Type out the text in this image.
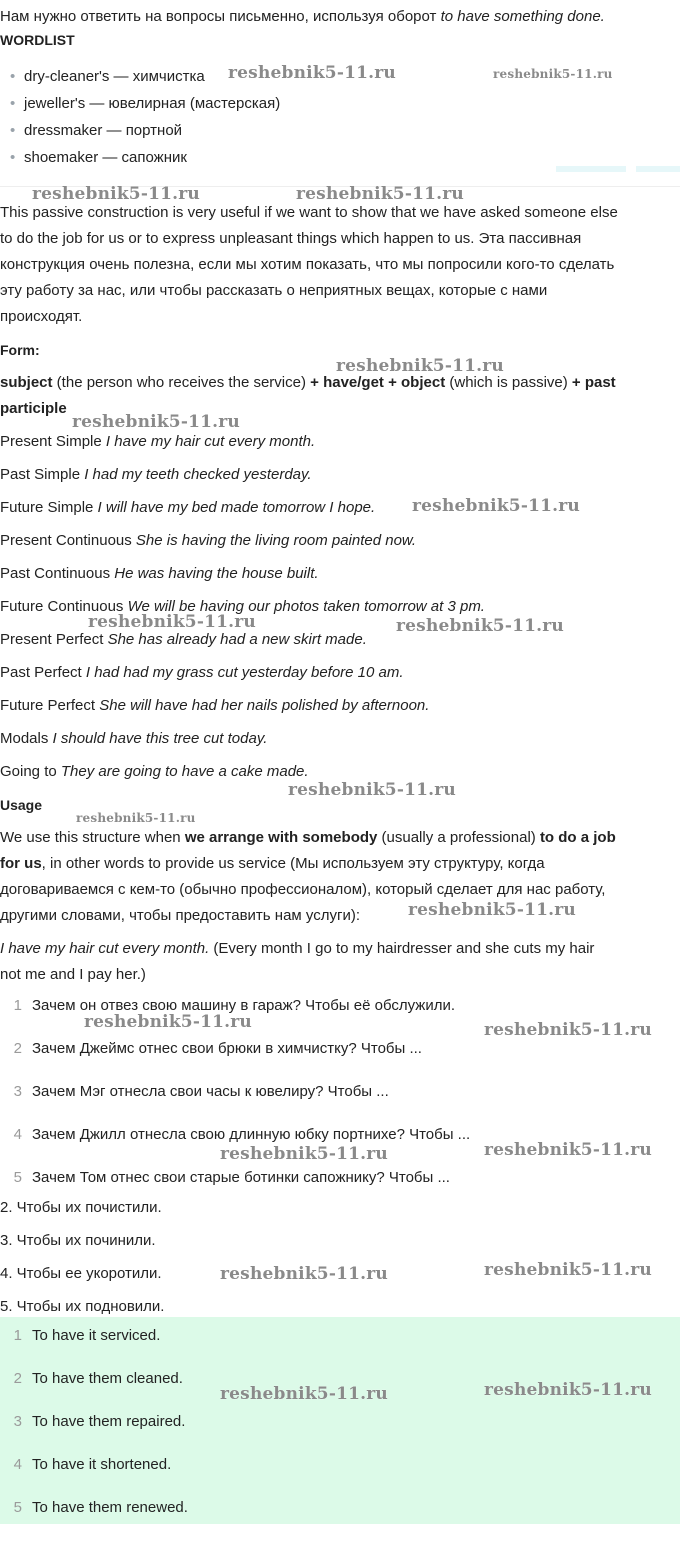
Нам нужно ответить на вопросы письменно, используя оборот to have something done.
WORDLIST
• dry-cleaner's — химчистка
• jeweller's — ювелирная (мастерская)
• dressmaker — портной
• shoemaker — сапожник
This passive construction is very useful if we want to show that we have asked someone else
to do the job for us or to express unpleasant things which happen to us. Эта пассивная
конструкция очень полезна, если мы хотим показать, что мы попросили кого-то сделать
эту работу за нас, или чтобы рассказать о неприятных вещах, которые с нами
происходят.
Form:
subject (the person who receives the service) + have/get + object (which is passive) + past
participle
Present Simple I have my hair cut every month.
Past Simple I had my teeth checked yesterday.
Future Simple I will have my bed made tomorrow I hope.
Present Continuous She is having the living room painted now.
Past Continuous He was having the house built.
Future Continuous We will be having our photos taken tomorrow at 3 pm.
Present Perfect She has already had a new skirt made.
Past Perfect I had had my grass cut yesterday before 10 am.
Future Perfect She will have had her nails polished by afternoon.
Modals I should have this tree cut today.
Going to They are going to have a cake made.
Usage
We use this structure when we arrange with somebody (usually a professional) to do a job
for us, in other words to provide us service (Мы используем эту структуру, когда
договариваемся с кем-то (обычно профессионалом), который сделает для нас работу,
другими словами, чтобы предоставить нам услуги):
I have my hair cut every month. (Every month I go to my hairdresser and she cuts my hair
not me and I pay her.)
1 Зачем он отвез свою машину в гараж? Чтобы её обслужили.
2 Зачем Джеймс отнес свои брюки в химчистку? Чтобы ...
3 Зачем Мэг отнесла свои часы к ювелиру? Чтобы ...
4 Зачем Джилл отнесла свою длинную юбку портнихе? Чтобы ...
5 Зачем Том отнес свои старые ботинки сапожнику? Чтобы ...
2. Чтобы их почистили.
3. Чтобы их починили.
4. Чтобы ее укоротили.
5. Чтобы их подновили.
1 To have it serviced.
2 To have them cleaned.
3 To have them repaired.
4 To have it shortened.
5 To have them renewed.
reshebnik5-11.ru	reshebnik5-11.ru
reshebnik5-11.ru	reshebnik5-11.ru
reshebnik5-11.ru
reshebnik5-11.ru
reshebnik5-11.ru
reshebnik5-11.ru	reshebnik5-11.ru
reshebnik5-11.ru
reshebnik5-11.ru
reshebnik5-11.ru
reshebnik5-11.ru	reshebnik5-11.ru
reshebnik5-11.ru	reshebnik5-11.ru
reshebnik5-11.ru	reshebnik5-11.ru
reshebnik5-11.ru	reshebnik5-11.ru
